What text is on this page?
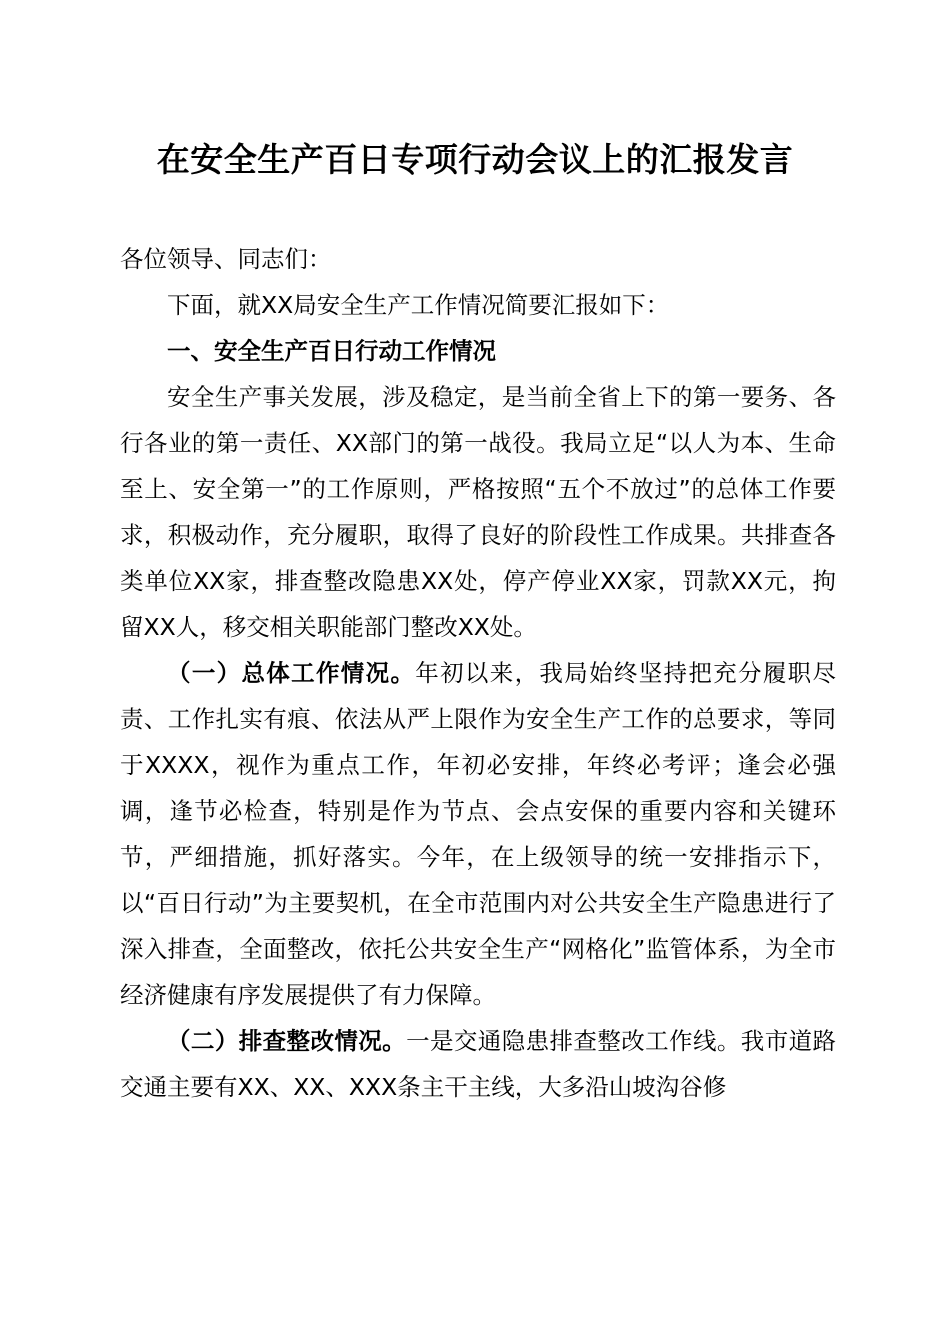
在安全生产百日专项行动会议上的汇报发言

各位领导、同志们：

下面，就XX局安全生产工作情况简要汇报如下：

一、安全生产百日行动工作情况

安全生产事关发展，涉及稳定，是当前全省上下的第一要务、各行各业的第一责任、XX部门的第一战役。我局立足“以人为本、生命至上、安全第一”的工作原则，严格按照“五个不放过”的总体工作要求，积极动作，充分履职，取得了良好的阶段性工作成果。共排查各类单位XX家，排查整改隐患XX处，停产停业XX家，罚款XX元，拘留XX人，移交相关职能部门整改XX处。

（一）总体工作情况。年初以来，我局始终坚持把充分履职尽责、工作扎实有痕、依法从严上限作为安全生产工作的总要求，等同于XXXX，视作为重点工作，年初必安排，年终必考评；逢会必强调，逢节必检查，特别是作为节点、会点安保的重要内容和关键环节，严细措施，抓好落实。今年，在上级领导的统一安排指示下，以“百日行动”为主要契机，在全市范围内对公共安全生产隐患进行了深入排查，全面整改，依托公共安全生产“网格化”监管体系，为全市经济健康有序发展提供了有力保障。

（二）排查整改情况。一是交通隐患排查整改工作线。我市道路交通主要有XX、XX、XXX条主干主线，大多沿山坡沟谷修
